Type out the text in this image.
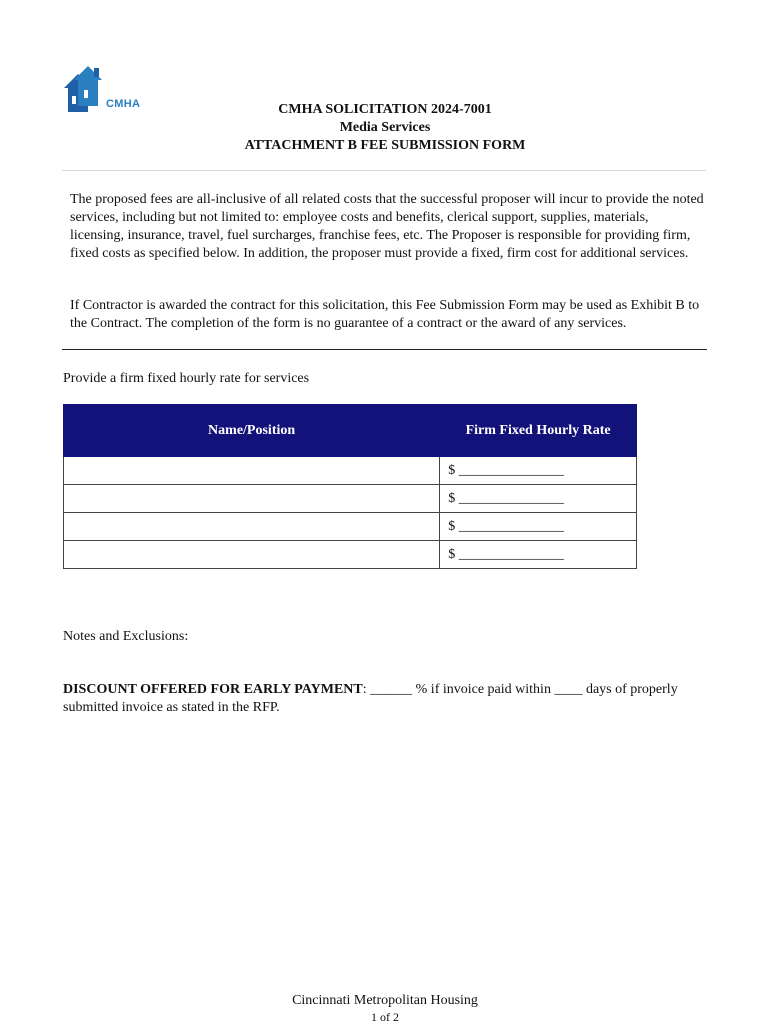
CMHA	CMHA SOLICITATION 2024-7001
Media Services
ATTACHMENT B FEE SUBMISSION FORM
The proposed fees are all-inclusive of all related costs that the successful proposer will incur to provide the noted services, including but not limited to: employee costs and benefits, clerical support, supplies, materials, licensing, insurance, travel, fuel surcharges, franchise fees, etc. The Proposer is responsible for providing firm, fixed costs as specified below. In addition, the proposer must provide a fixed, firm cost for additional services.
If Contractor is awarded the contract for this solicitation, this Fee Submission Form may be used as Exhibit B to the Contract. The completion of the form is no guarantee of a contract or the award of any services.
Provide a firm fixed hourly rate for services
Name/Position	Firm Fixed Hourly Rate
	$ _______________
	$ _______________
	$ _______________
	$ _______________
Notes and Exclusions:
DISCOUNT OFFERED FOR EARLY PAYMENT: ______ % if invoice paid within ____ days of properly submitted invoice as stated in the RFP.
Cincinnati Metropolitan Housing
1 of 2
